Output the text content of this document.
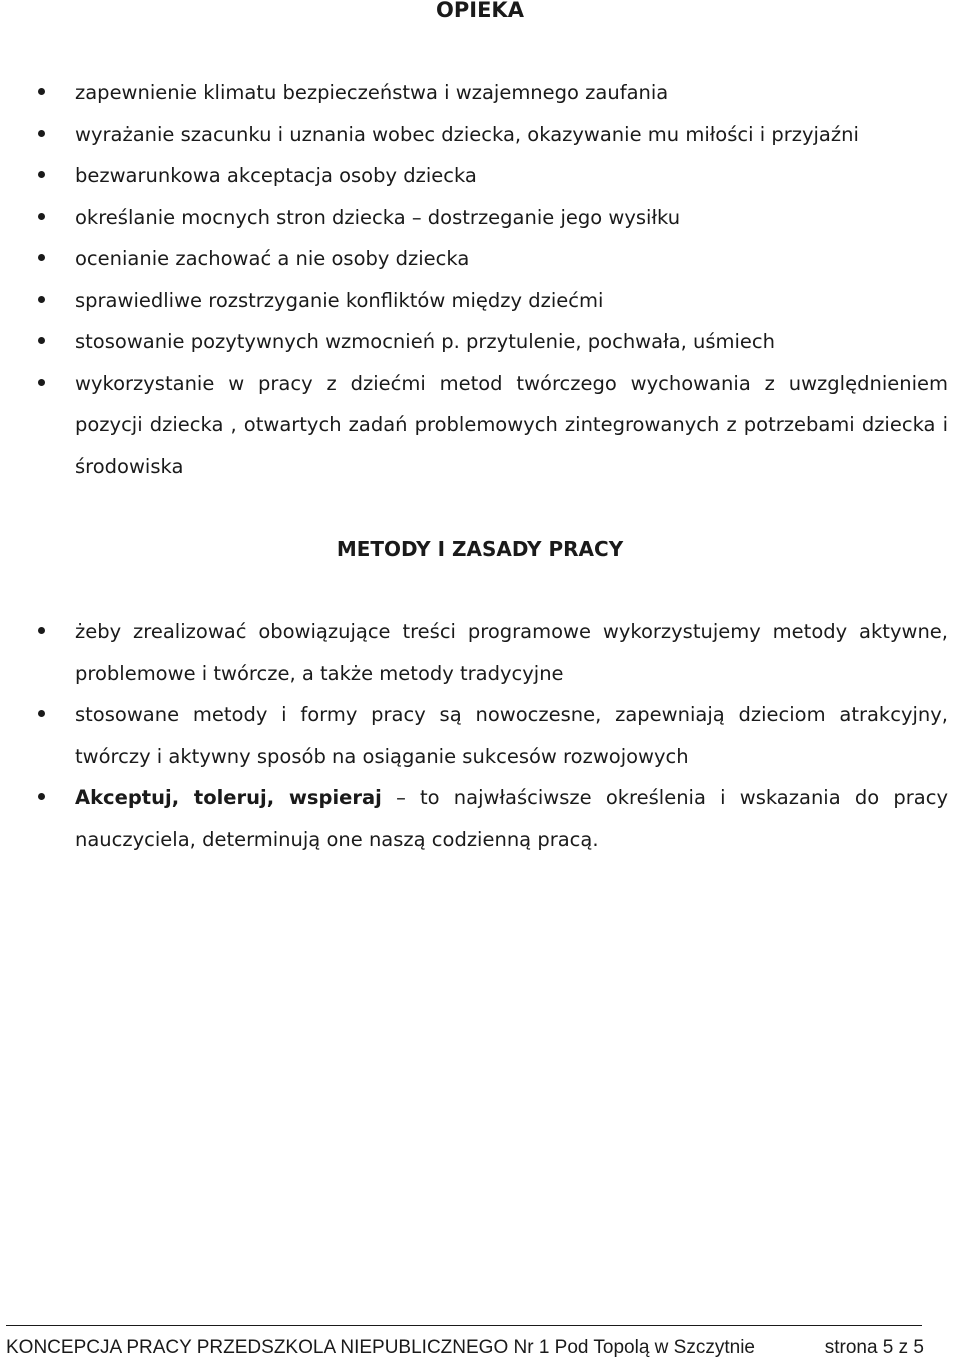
OPIEKA
zapewnienie klimatu bezpieczeństwa i wzajemnego zaufania
wyrażanie szacunku i uznania wobec dziecka, okazywanie mu miłości i przyjaźni
bezwarunkowa akceptacja osoby dziecka
określanie mocnych stron dziecka – dostrzeganie jego wysiłku
ocenianie zachować a nie osoby dziecka
sprawiedliwe rozstrzyganie konfliktów między dziećmi
stosowanie pozytywnych wzmocnień p. przytulenie, pochwała, uśmiech
wykorzystanie w pracy z dziećmi metod twórczego wychowania z uwzględnieniem pozycji dziecka , otwartych zadań problemowych zintegrowanych z potrzebami dziecka i środowiska
METODY I ZASADY PRACY
żeby zrealizować obowiązujące treści programowe wykorzystujemy metody aktywne, problemowe i twórcze, a także metody tradycyjne
stosowane metody i formy pracy są nowoczesne, zapewniają dzieciom atrakcyjny, twórczy i aktywny sposób na osiąganie sukcesów rozwojowych
Akceptuj, toleruj, wspieraj – to najwłaściwsze określenia i wskazania do pracy nauczyciela, determinują one naszą codzienną pracą.
KONCEPCJA PRACY PRZEDSZKOLA NIEPUBLICZNEGO Nr 1 Pod Topolą w Szczytnie	strona 5 z 5
